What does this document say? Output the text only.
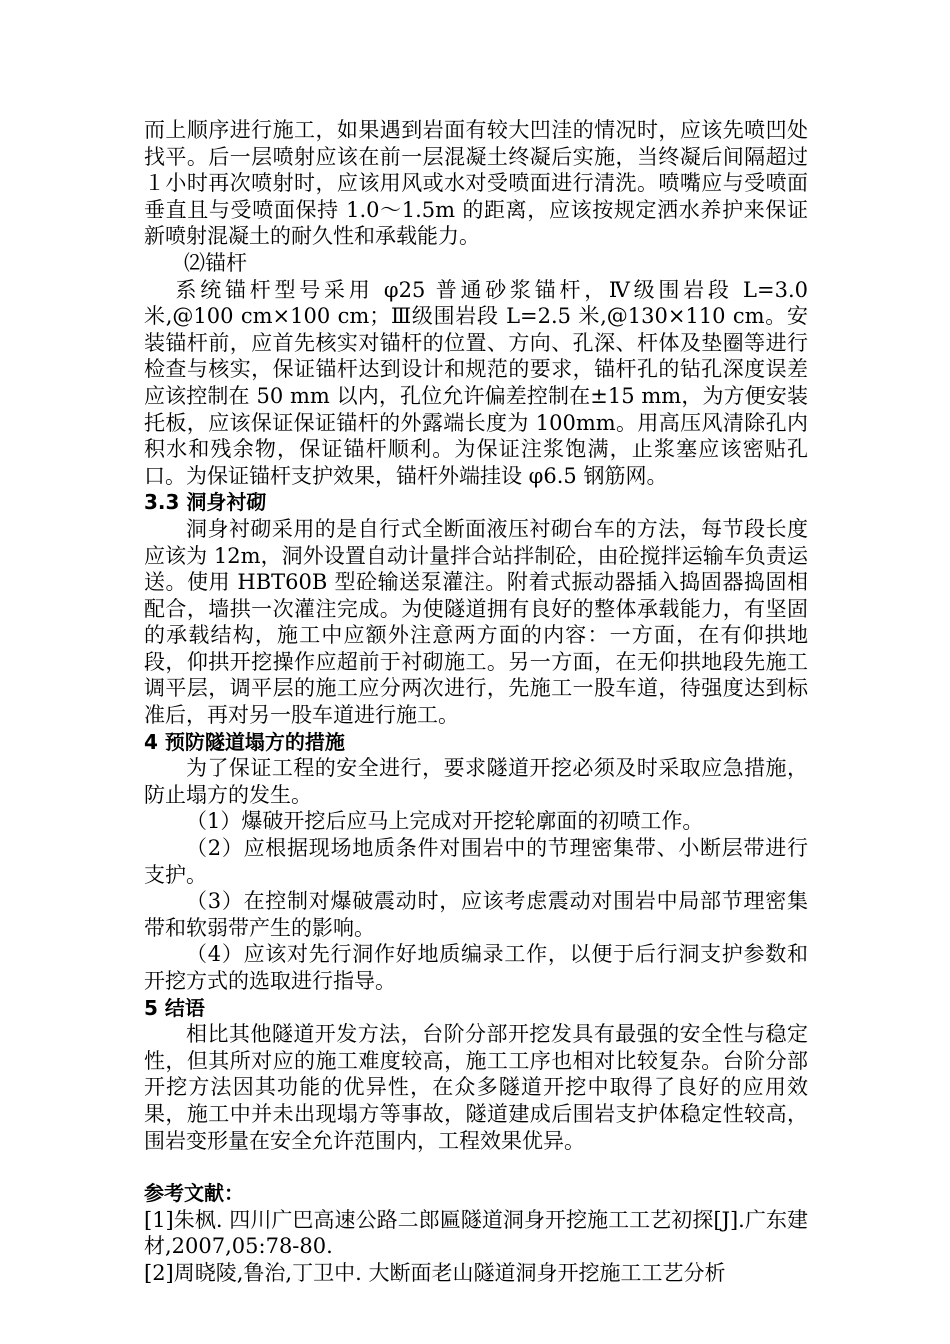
而上顺序进行施工，如果遇到岩面有较大凹洼的情况时，应该先喷凹处找平。后一层喷射应该在前一层混凝土终凝后实施，当终凝后间隔超过１小时再次喷射时，应该用风或水对受喷面进行清洗。喷嘴应与受喷面垂直且与受喷面保持 1.0～1.5m 的距离，应该按规定洒水养护来保证新喷射混凝土的耐久性和承载能力。

⑵锚杆

系统锚杆型号采用 φ25 普通砂浆锚杆，Ⅳ级围岩段 L=3.0 米,@100 cm×100 cm；Ⅲ级围岩段 L=2.5 米,@130×110 cm。安装锚杆前，应首先核实对锚杆的位置、方向、孔深、杆体及垫圈等进行检查与核实，保证锚杆达到设计和规范的要求，锚杆孔的钻孔深度误差应该控制在 50 mm 以内，孔位允许偏差控制在±15 mm，为方便安装托板，应该保证保证锚杆的外露端长度为 100mm。用高压风清除孔内积水和残余物，保证锚杆顺利。为保证注浆饱满，止浆塞应该密贴孔口。为保证锚杆支护效果，锚杆外端挂设 φ6.5 钢筋网。

3.3 洞身衬砌

洞身衬砌采用的是自行式全断面液压衬砌台车的方法，每节段长度应该为 12m，洞外设置自动计量拌合站拌制砼，由砼搅拌运输车负责运送。使用 HBT60B 型砼输送泵灌注。附着式振动器插入捣固器捣固相配合，墙拱一次灌注完成。为使隧道拥有良好的整体承载能力，有坚固的承载结构，施工中应额外注意两方面的内容：一方面，在有仰拱地段，仰拱开挖操作应超前于衬砌施工。另一方面，在无仰拱地段先施工调平层，调平层的施工应分两次进行，先施工一股车道，待强度达到标准后，再对另一股车道进行施工。

4 预防隧道塌方的措施

为了保证工程的安全进行，要求隧道开挖必须及时采取应急措施，防止塌方的发生。

（1）爆破开挖后应马上完成对开挖轮廓面的初喷工作。

（2）应根据现场地质条件对围岩中的节理密集带、小断层带进行支护。

（3）在控制对爆破震动时，应该考虑震动对围岩中局部节理密集带和软弱带产生的影响。

（4）应该对先行洞作好地质编录工作，以便于后行洞支护参数和开挖方式的选取进行指导。

5 结语

相比其他隧道开发方法，台阶分部开挖发具有最强的安全性与稳定性，但其所对应的施工难度较高，施工工序也相对比较复杂。台阶分部开挖方法因其功能的优异性，在众多隧道开挖中取得了良好的应用效果，施工中并未出现塌方等事故，隧道建成后围岩支护体稳定性较高，围岩变形量在安全允许范围内，工程效果优异。

参考文献：

[1]朱枫. 四川广巴高速公路二郎匾隧道洞身开挖施工工艺初探[J].广东建材,2007,05:78-80.

[2]周晓陵,鲁治,丁卫中. 大断面老山隧道洞身开挖施工工艺分析
